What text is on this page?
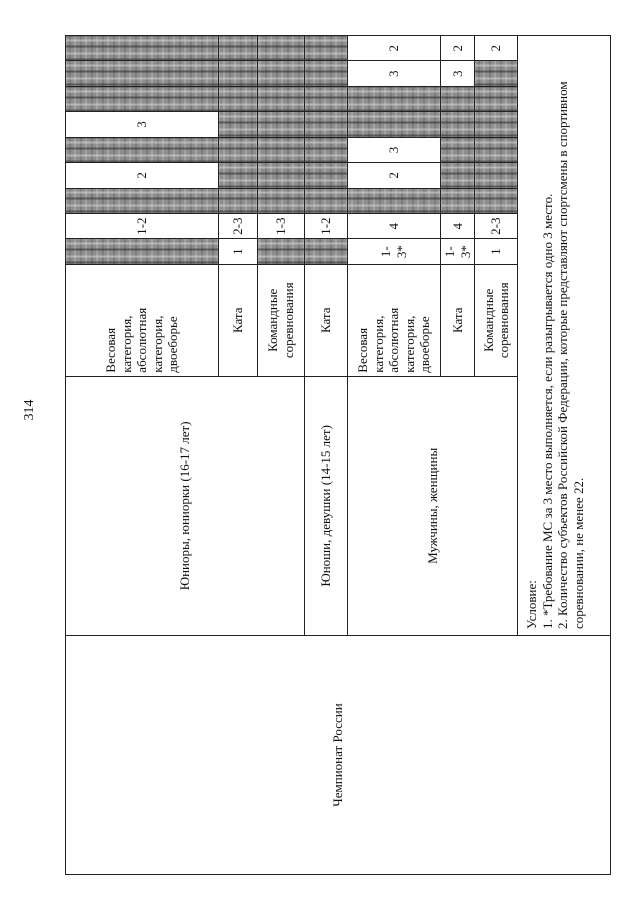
314
Чемпионат России	Юниоры, юниорки (16-17 лет)	Весовая категория, абсолютная категория, двоеборье		1-2		2		3			
		Ката	1	2-3							
		Командные соревнования		1-3							
	Юноши, девушки (14-15 лет)	Ката		1-2							
	Мужчины, женщины	Весовая категория, абсолютная категория, двоеборье	1-3*	4		2	3			3	2
		Ката	1-3*	4						3	2
		Командные соревнования	1	2-3							2

	Условие: 1. *Требование МС за 3 место выполняется, если разыгрывается одно 3 место. 2. Количество субъектов Российской Федерации, которые представляют спортсмены в спортивном соревновании, не менее 22.										
